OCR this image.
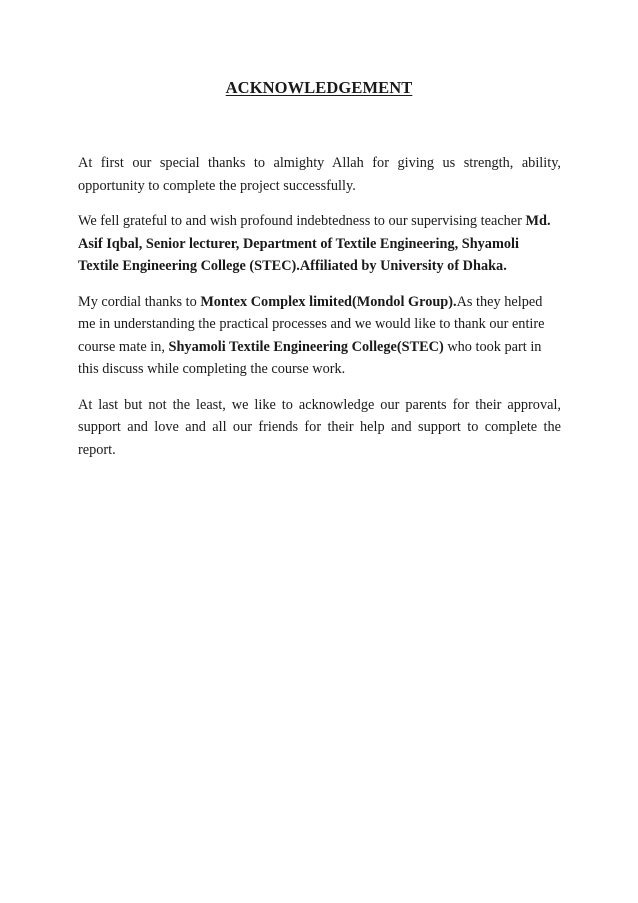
ACKNOWLEDGEMENT

At first our special thanks to almighty Allah for giving us strength, ability, opportunity to complete the project successfully.

We fell grateful to and wish profound indebtedness to our supervising teacher Md. Asif Iqbal, Senior lecturer, Department of Textile Engineering, Shyamoli Textile Engineering College (STEC).Affiliated by University of Dhaka.

My cordial thanks to Montex Complex limited(Mondol Group).As they helped me in understanding the practical processes and we would like to thank our entire course mate in, Shyamoli Textile Engineering College(STEC) who took part in this discuss while completing the course work.

At last but not the least, we like to acknowledge our parents for their approval, support and love and all our friends for their help and support to complete the report.
